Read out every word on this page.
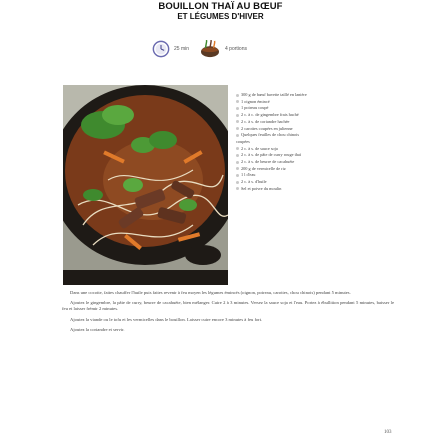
BOUILLON THAÏ AU BŒUF
ET LÉGUMES D'HIVER
25 min	4 portions
300 g de bœuf bavette taillé en lanière
1 oignon émincé
1 poireau coupé
2 c. à c. de gingembre frais haché
2 c. à s. de coriandre hachée
2 carottes coupées en julienne
Quelques feuilles de chou chinois
coupées
2 c. à s. de sauce soja
2 c. à s. de pâte de curry rouge thaï
2 c. à s. de beurre de cacahuète
200 g de vermicelle de riz
1 l d'eau
2 c. à s. d'huile
Sel et poivre du moulin

Dans une cocotte, faites chauffer l'huile puis faites revenir à feu moyen les légumes émincés (oignon, poireau, carottes, chou chinois) pendant 5 minutes.

Ajoutez le gingembre, la pâte de curry, beurre de cacahuète, bien mélanger. Cuire 2 à 3 minutes. Versez la sauce soja et l'eau. Portez à ébullition pendant 5 minutes, baisser le feu et laisser frémir 2 minutes.

Ajoutez la viande ou le tofu et les vermicelles dans le bouillon. Laisser cuire encore 3 minutes à feu fort.

Ajoutez la coriandre et servir.

103
